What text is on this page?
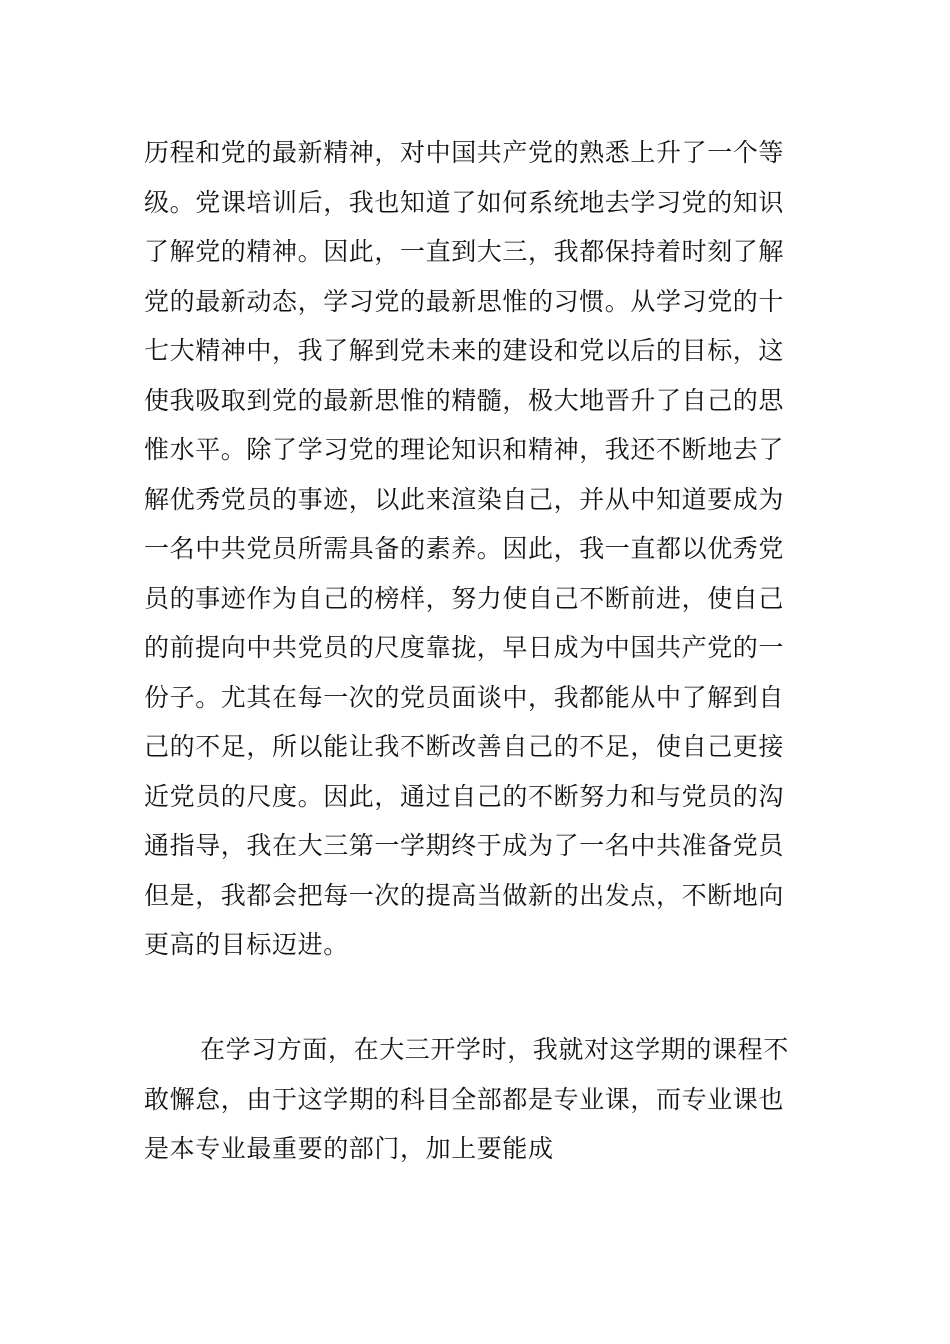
历程和党的最新精神，对中国共产党的熟悉上升了一个等
级。党课培训后，我也知道了如何系统地去学习党的知识
了解党的精神。因此，一直到大三，我都保持着时刻了解
党的最新动态，学习党的最新思惟的习惯。从学习党的十
七大精神中，我了解到党未来的建设和党以后的目标，这
使我吸取到党的最新思惟的精髓，极大地晋升了自己的思
惟水平。除了学习党的理论知识和精神，我还不断地去了
解优秀党员的事迹，以此来渲染自己，并从中知道要成为
一名中共党员所需具备的素养。因此，我一直都以优秀党
员的事迹作为自己的榜样，努力使自己不断前进，使自己
的前提向中共党员的尺度靠拢，早日成为中国共产党的一
份子。尤其在每一次的党员面谈中，我都能从中了解到自
己的不足，所以能让我不断改善自己的不足，使自己更接
近党员的尺度。因此，通过自己的不断努力和与党员的沟
通指导，我在大三第一学期终于成为了一名中共准备党员
但是，我都会把每一次的提高当做新的出发点，不断地向
更高的目标迈进。
在学习方面，在大三开学时，我就对这学期的课程不
敢懈怠，由于这学期的科目全部都是专业课，而专业课也
是本专业最重要的部门，加上要能成
